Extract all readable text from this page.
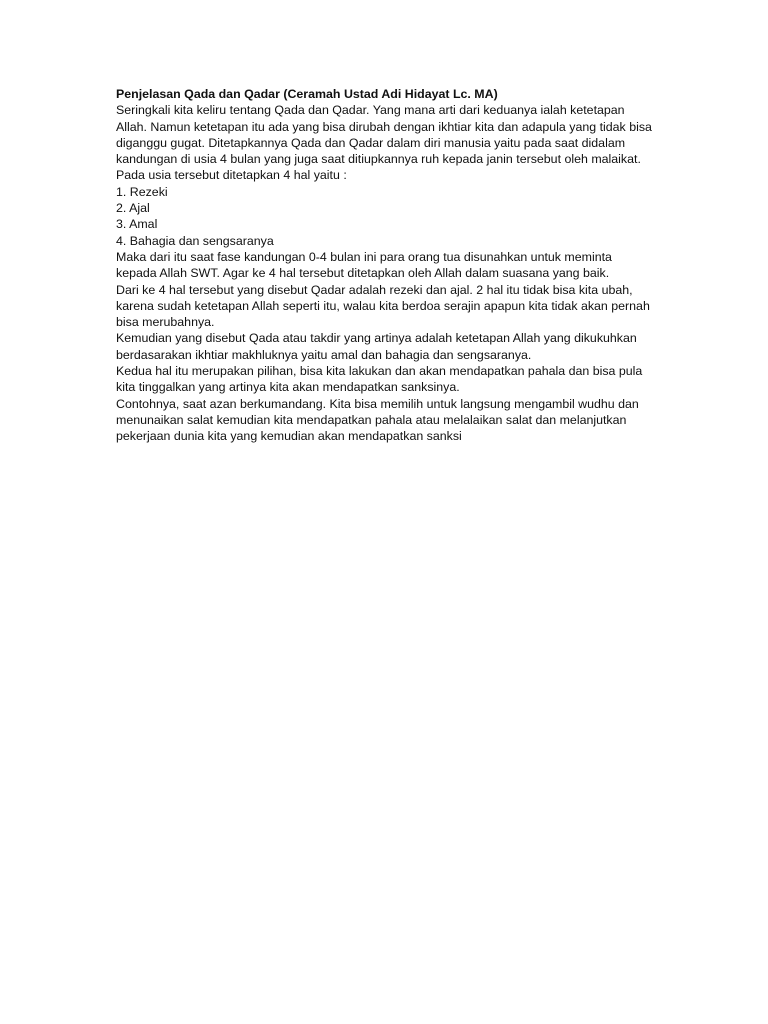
Penjelasan Qada dan Qadar (Ceramah Ustad Adi Hidayat Lc. MA)

Seringkali kita keliru tentang Qada dan Qadar. Yang mana arti dari keduanya ialah ketetapan Allah. Namun ketetapan itu ada yang bisa dirubah dengan ikhtiar kita dan adapula yang tidak bisa diganggu gugat. Ditetapkannya Qada dan Qadar dalam diri manusia yaitu pada saat didalam kandungan di usia 4 bulan yang juga saat ditiupkannya ruh kepada janin tersebut oleh malaikat.

Pada usia tersebut ditetapkan 4 hal yaitu :

1. Rezeki
2. Ajal
3. Amal
4. Bahagia dan sengsaranya

Maka dari itu saat fase kandungan 0-4 bulan ini para orang tua disunahkan untuk meminta kepada Allah SWT. Agar ke 4 hal tersebut ditetapkan oleh Allah dalam suasana yang baik.

Dari ke 4 hal tersebut yang disebut Qadar adalah rezeki dan ajal. 2 hal itu tidak bisa kita ubah, karena sudah ketetapan Allah seperti itu, walau kita berdoa serajin apapun kita tidak akan pernah bisa merubahnya.

Kemudian yang disebut Qada atau takdir yang artinya adalah ketetapan Allah yang dikukuhkan berdasarakan ikhtiar makhluknya yaitu amal dan bahagia dan sengsaranya.

Kedua hal itu merupakan pilihan, bisa kita lakukan dan akan mendapatkan pahala dan bisa pula kita tinggalkan yang artinya kita akan mendapatkan sanksinya.

Contohnya, saat azan berkumandang. Kita bisa memilih untuk langsung mengambil wudhu dan menunaikan salat kemudian kita mendapatkan pahala atau melalaikan salat dan melanjutkan pekerjaan dunia kita yang kemudian akan mendapatkan sanksi
